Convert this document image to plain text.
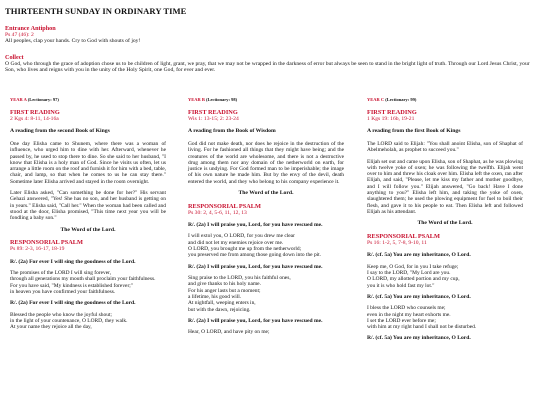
THIRTEENTH SUNDAY IN ORDINARY TIME

Entrance Antiphon

Ps 47 (46): 2

All peoples, clap your hands. Cry to God with shouts of joy!

Collect

O God, who through the grace of adoption chose us to be children of light, grant, we pray, that we may not be wrapped in the darkness of error but always be seen to stand in the bright light of truth. Through our Lord Jesus Christ, your Son, who lives and reigns with you in the unity of the Holy Spirit, one God, for ever and ever.

YEAR A (Lectionary: 97)

FIRST READING

2 Kgs 4: 8-11, 14-16a

A reading from the second Book of Kings

One day Elisha came to Shunem, where there was a woman of influence, who urged him to dine with her. Afterward, whenever he passed by, he used to stop there to dine. So she said to her husband, "I know that Elisha is a holy man of God. Since he visits us often, let us arrange a little room on the roof and furnish it for him with a bed, table, chair, and lamp, so that when he comes to us he can stay there." Sometime later Elisha arrived and stayed in the room overnight.

Later Elisha asked, "Can something be done for her?" His servant Gehazi answered, "Yes! She has no son, and her husband is getting on in years." Elisha said, "Call her." When the woman had been called and stood at the door, Elisha promised, "This time next year you will be fondling a baby son."

The Word of the Lord.

RESPONSORIAL PSALM

Ps 89: 2-3, 16-17, 18-19

R/. (2a) For ever I will sing the goodness of the Lord.

The promises of the LORD I will sing forever,

through all generations my mouth shall proclaim your faithfulness.

For you have said, "My kindness is established forever;"

in heaven you have confirmed your faithfulness.

R/. (2a) For ever I will sing the goodness of the Lord.

Blessed the people who know the joyful shout;

in the light of your countenance, O LORD, they walk.

At your name they rejoice all the day,

YEAR B (Lectionary: 98)

FIRST READING

Wis 1: 13-15; 2: 23-24

A reading from the Book of Wisdom

God did not make death, nor does he rejoice in the destruction of the living. For he fashioned all things that they might have being; and the creatures of the world are wholesome, and there is not a destructive drug among them nor any domain of the netherworld on earth, for justice is undying. For God formed man to be imperishable; the image of his own nature he made him. But by the envy of the devil, death entered the world, and they who belong to his company experience it.

The Word of the Lord.

RESPONSORIAL PSALM

Ps 30: 2, 4, 5-6, 11, 12, 13

R/. (2a) I will praise you, Lord, for you have rescued me.

I will extol you, O LORD, for you drew me clear

and did not let my enemies rejoice over me.

O LORD, you brought me up from the netherworld;

you preserved me from among those going down into the pit.

R/. (2a) I will praise you, Lord, for you have rescued me.

Sing praise to the LORD, you his faithful ones,

and give thanks to his holy name.

For his anger lasts but a moment;

a lifetime, his good will.

At nightfall, weeping enters in,

but with the dawn, rejoicing.

R/. (2a) I will praise you, Lord, for you have rescued me.

Hear, O LORD, and have pity on me;

YEAR C (Lectionary: 99)

FIRST READING

1 Kgs 19: 16b, 19-21

A reading from the first Book of Kings

The LORD said to Elijah: "You shall anoint Elisha, son of Shaphat of Abelmeholah, as prophet to succeed you."

Elijah set out and came upon Elisha, son of Shaphat, as he was plowing with twelve yoke of oxen; he was following the twelfth. Elijah went over to him and threw his cloak over him. Elisha left the oxen, ran after Elijah, and said, "Please, let me kiss my father and mother goodbye, and I will follow you." Elijah answered, "Go back! Have I done anything to you?" Elisha left him, and taking the yoke of oxen, slaughtered them; he used the plowing equipment for fuel to boil their flesh, and gave it to his people to eat. Then Elisha left and followed Elijah as his attendant.

The Word of the Lord.

RESPONSORIAL PSALM

Ps 16: 1-2, 5, 7-8, 9-10, 11

R/. (cf. 5a) You are my inheritance, O Lord.

Keep me, O God, for in you I take refuge;

I say to the LORD, "My Lord are you.

O LORD, my allotted portion and my cup,

you it is who hold fast my lot."

R/. (cf. 5a) You are my inheritance, O Lord.

I bless the LORD who counsels me;

even in the night my heart exhorts me.

I set the LORD ever before me;

with him at my right hand I shall not be disturbed.

R/. (cf. 5a) You are my inheritance, O Lord.
